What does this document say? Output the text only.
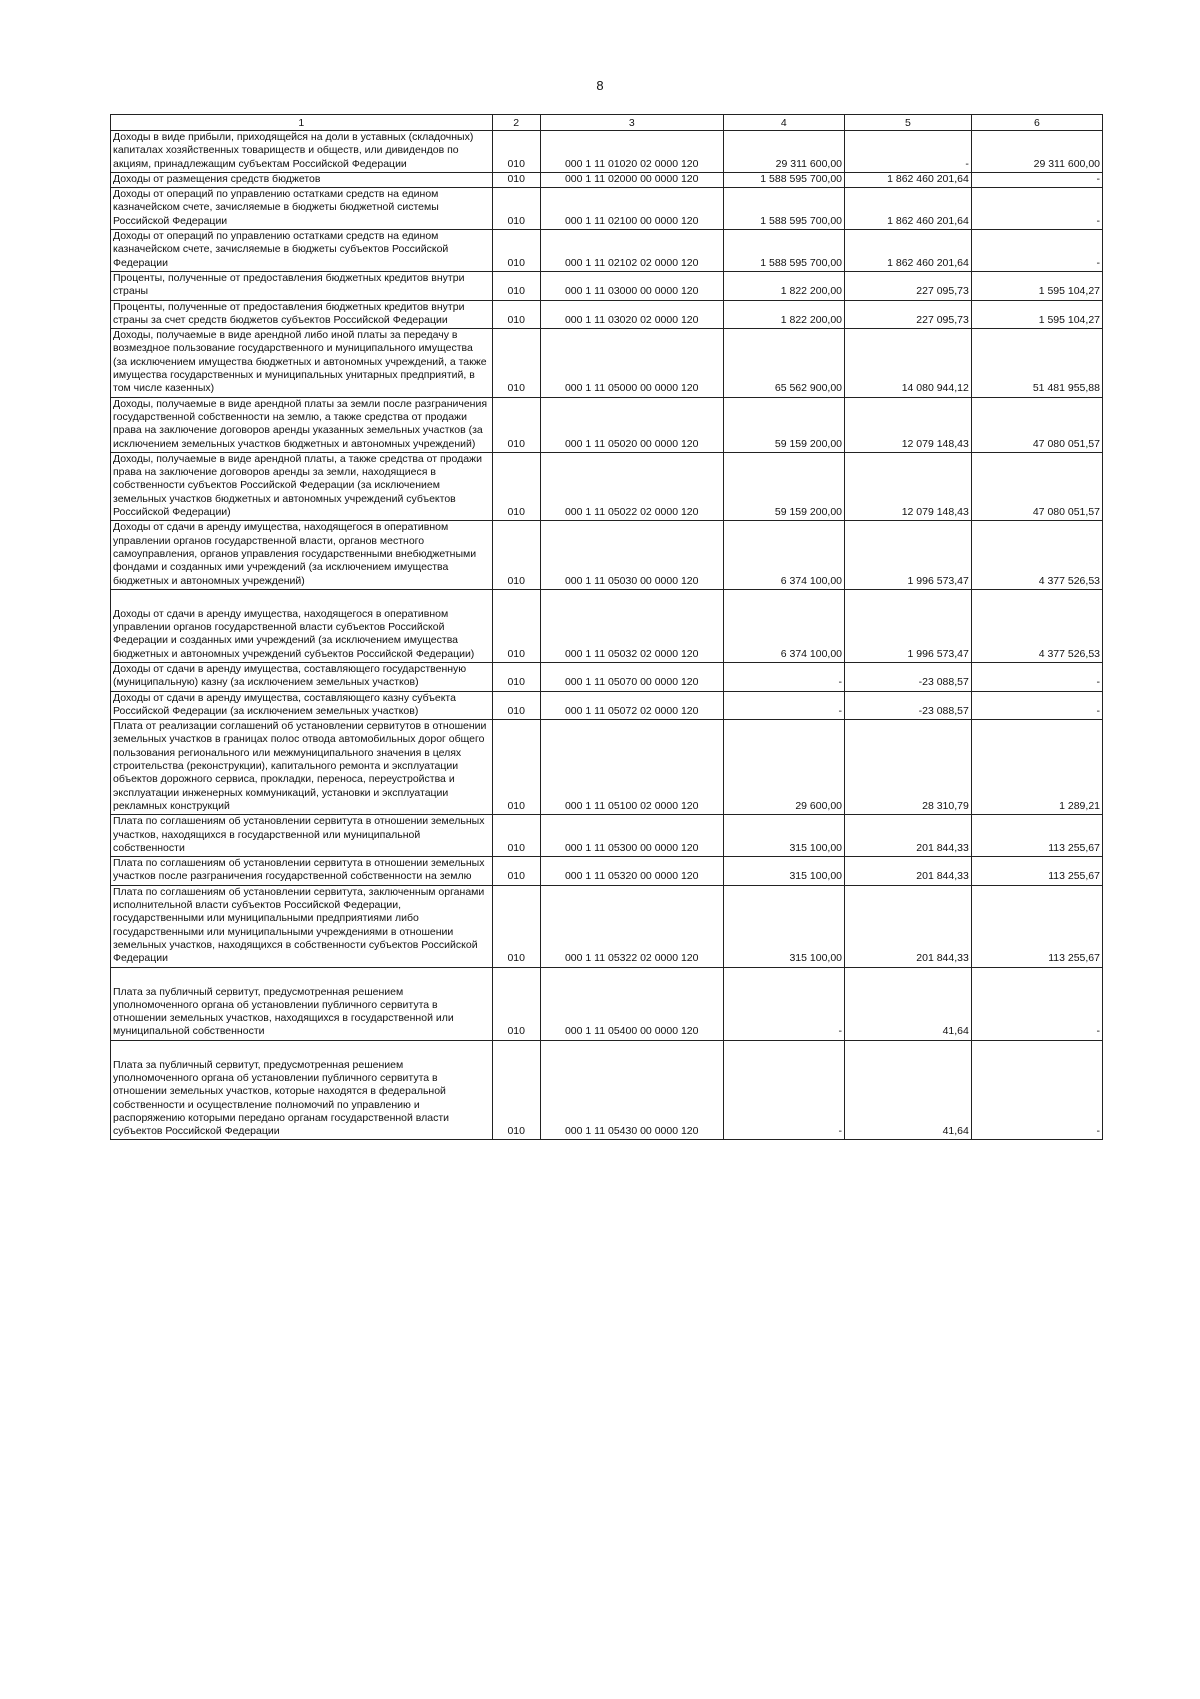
8
1	2	3	4	5	6
Доходы в виде прибыли, приходящейся на доли в уставных (складочных) капиталах хозяйственных товариществ и обществ, или дивидендов по акциям, принадлежащим субъектам Российской Федерации	010	000 1 11 01020 02 0000 120	29 311 600,00	-	29 311 600,00
Доходы от размещения средств бюджетов	010	000 1 11 02000 00 0000 120	1 588 595 700,00	1 862 460 201,64	-
Доходы от операций по управлению остатками средств на едином казначейском счете, зачисляемые в бюджеты бюджетной системы Российской Федерации	010	000 1 11 02100 00 0000 120	1 588 595 700,00	1 862 460 201,64	-
Доходы от операций по управлению остатками средств на едином казначейском счете, зачисляемые в бюджеты субъектов Российской Федерации	010	000 1 11 02102 02 0000 120	1 588 595 700,00	1 862 460 201,64	-
Проценты, полученные от предоставления бюджетных кредитов внутри страны	010	000 1 11 03000 00 0000 120	1 822 200,00	227 095,73	1 595 104,27
Проценты, полученные от предоставления бюджетных кредитов внутри страны за счет средств бюджетов субъектов Российской Федерации	010	000 1 11 03020 02 0000 120	1 822 200,00	227 095,73	1 595 104,27
Доходы, получаемые в виде арендной либо иной платы за передачу в возмездное пользование государственного и муниципального имущества (за исключением имущества бюджетных и автономных учреждений, а также имущества государственных и муниципальных унитарных предприятий, в том числе казенных)	010	000 1 11 05000 00 0000 120	65 562 900,00	14 080 944,12	51 481 955,88
Доходы, получаемые в виде арендной платы за земли после разграничения государственной собственности на землю, а также средства от продажи права на заключение договоров аренды указанных земельных участков (за исключением земельных участков бюджетных и автономных учреждений)	010	000 1 11 05020 00 0000 120	59 159 200,00	12 079 148,43	47 080 051,57
Доходы, получаемые в виде арендной платы, а также средства от продажи права на заключение договоров аренды за земли, находящиеся в собственности субъектов Российской Федерации (за исключением земельных участков бюджетных и автономных учреждений субъектов Российской Федерации)	010	000 1 11 05022 02 0000 120	59 159 200,00	12 079 148,43	47 080 051,57
Доходы от сдачи в аренду имущества, находящегося в оперативном управлении органов государственной власти, органов местного самоуправления, органов управления государственными внебюджетными фондами и созданных ими учреждений (за исключением имущества бюджетных и автономных учреждений)	010	000 1 11 05030 00 0000 120	6 374 100,00	1 996 573,47	4 377 526,53
Доходы от сдачи в аренду имущества, находящегося в оперативном управлении органов государственной власти субъектов Российской Федерации и созданных ими учреждений (за исключением имущества бюджетных и автономных учреждений субъектов Российской Федерации)	010	000 1 11 05032 02 0000 120	6 374 100,00	1 996 573,47	4 377 526,53
Доходы от сдачи в аренду имущества, составляющего государственную (муниципальную) казну (за исключением земельных участков)	010	000 1 11 05070 00 0000 120	-	-23 088,57	-
Доходы от сдачи в аренду имущества, составляющего казну субъекта Российской Федерации (за исключением земельных участков)	010	000 1 11 05072 02 0000 120	-	-23 088,57	-
Плата от реализации соглашений об установлении сервитутов в отношении земельных участков в границах полос отвода автомобильных дорог общего пользования регионального или межмуниципального значения в целях строительства (реконструкции), капитального ремонта и эксплуатации объектов дорожного сервиса, прокладки, переноса, переустройства и эксплуатации инженерных коммуникаций, установки и эксплуатации рекламных конструкций	010	000 1 11 05100 02 0000 120	29 600,00	28 310,79	1 289,21
Плата по соглашениям об установлении сервитута в отношении земельных участков, находящихся в государственной или муниципальной собственности	010	000 1 11 05300 00 0000 120	315 100,00	201 844,33	113 255,67
Плата по соглашениям об установлении сервитута в отношении земельных участков после разграничения государственной собственности на землю	010	000 1 11 05320 00 0000 120	315 100,00	201 844,33	113 255,67
Плата по соглашениям об установлении сервитута, заключенным органами исполнительной власти субъектов Российской Федерации, государственными или муниципальными предприятиями либо государственными или муниципальными учреждениями в отношении земельных участков, находящихся в собственности субъектов Российской Федерации	010	000 1 11 05322 02 0000 120	315 100,00	201 844,33	113 255,67
Плата за публичный сервитут, предусмотренная решением уполномоченного органа об установлении публичного сервитута в отношении земельных участков, находящихся в государственной или муниципальной собственности	010	000 1 11 05400 00 0000 120	-	41,64	-
Плата за публичный сервитут, предусмотренная решением уполномоченного органа об установлении публичного сервитута в отношении земельных участков, которые находятся в федеральной собственности и осуществление полномочий по управлению и распоряжению которыми передано органам государственной власти субъектов Российской Федерации	010	000 1 11 05430 00 0000 120	-	41,64	-
